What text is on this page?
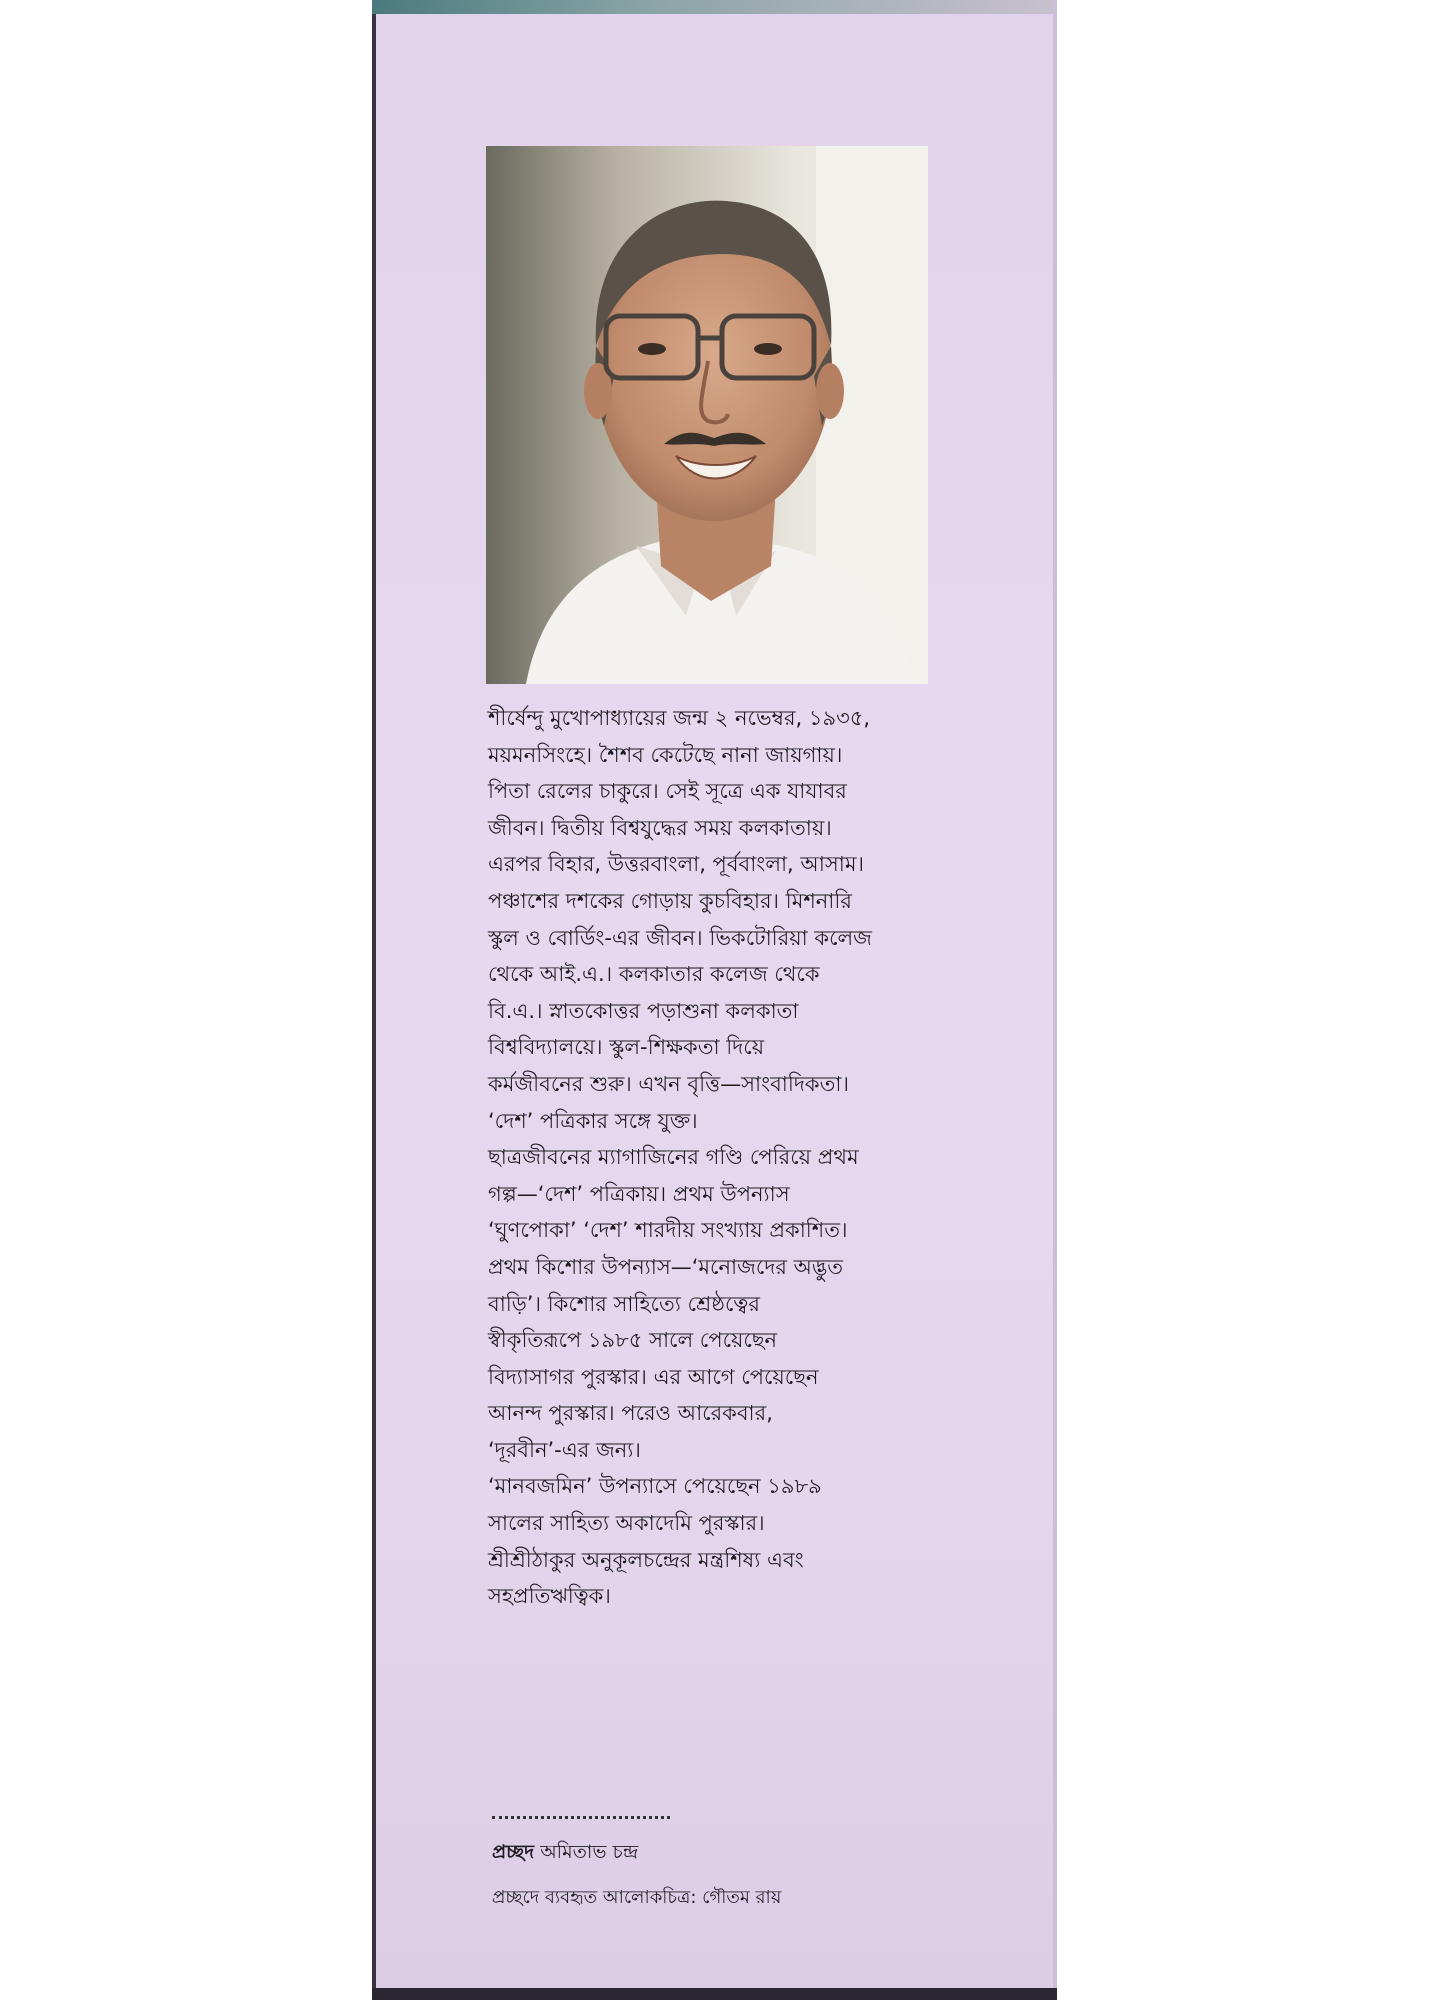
শীর্ষেন্দু মুখোপাধ্যায়ের জন্ম ২ নভেম্বর, ১৯৩৫,
ময়মনসিংহে। শৈশব কেটেছে নানা জায়গায়।
পিতা রেলের চাকুরে। সেই সূত্রে এক যাযাবর
জীবন। দ্বিতীয় বিশ্বযুদ্ধের সময় কলকাতায়।
এরপর বিহার, উত্তরবাংলা, পূর্ববাংলা, আসাম।
পঞ্চাশের দশকের গোড়ায় কুচবিহার। মিশনারি
স্কুল ও বোর্ডিং-এর জীবন। ভিকটোরিয়া কলেজ
থেকে আই.এ.। কলকাতার কলেজ থেকে
বি.এ.। স্নাতকোত্তর পড়াশুনা কলকাতা
বিশ্ববিদ্যালয়ে। স্কুল-শিক্ষকতা দিয়ে
কর্মজীবনের শুরু। এখন বৃত্তি—সাংবাদিকতা।
‘দেশ’ পত্রিকার সঙ্গে যুক্ত।
ছাত্রজীবনের ম্যাগাজিনের গণ্ডি পেরিয়ে প্রথম
গল্প—‘দেশ’ পত্রিকায়। প্রথম উপন্যাস
‘ঘুণপোকা’ ‘দেশ’ শারদীয় সংখ্যায় প্রকাশিত।
প্রথম কিশোর উপন্যাস—‘মনোজদের অদ্ভুত
বাড়ি’। কিশোর সাহিত্যে শ্রেষ্ঠত্বের
স্বীকৃতিরূপে ১৯৮৫ সালে পেয়েছেন
বিদ্যাসাগর পুরস্কার। এর আগে পেয়েছেন
আনন্দ পুরস্কার। পরেও আরেকবার,
‘দূরবীন’-এর জন্য।
‘মানবজমিন’ উপন্যাসে পেয়েছেন ১৯৮৯
সালের সাহিত্য অকাদেমি পুরস্কার।
শ্রীশ্রীঠাকুর অনুকূলচন্দ্রের মন্ত্রশিষ্য এবং
সহপ্রতিঋত্বিক।
প্রচ্ছদ অমিতাভ চন্দ্র
প্রচ্ছদে ব্যবহৃত আলোকচিত্র: গৌতম রায়
